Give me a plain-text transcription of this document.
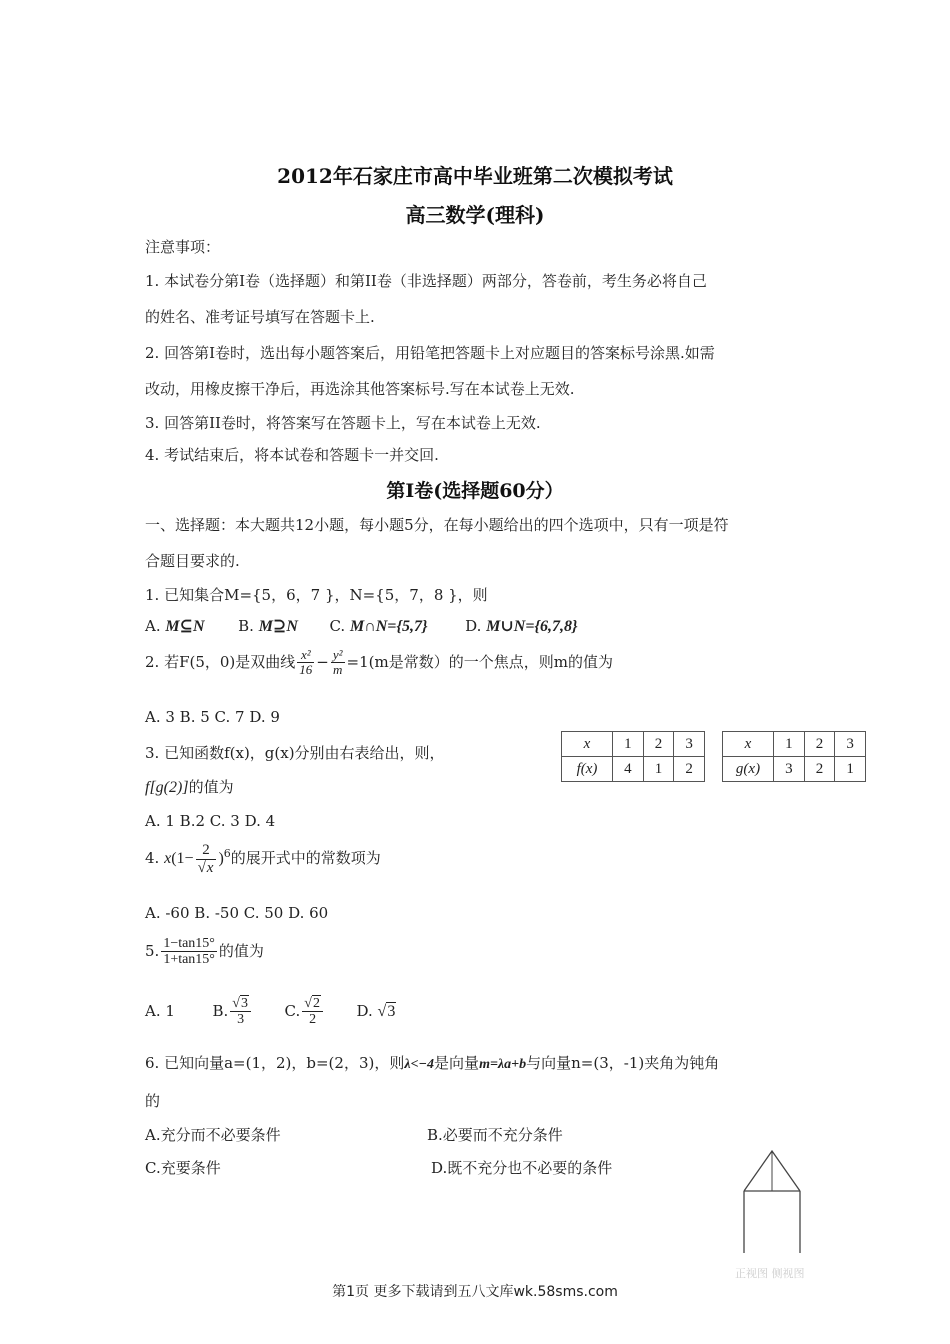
2012年石家庄市高中毕业班第二次模拟考试
高三数学(理科)
注意事项：
1. 本试卷分第Ⅰ卷（选择题）和第II卷（非选择题）两部分，答卷前，考生务必将自己
的姓名、准考证号填写在答题卡上.
2. 回答第Ⅰ卷时，选出每小题答案后，用铅笔把答题卡上对应题目的答案标号涂黑.如需
改动，用橡皮擦干净后，再选涂其他答案标号.写在本试卷上无效.
3. 回答第II卷时，将答案写在答题卡上，写在本试卷上无效.
4. 考试结束后，将本试卷和答题卡一并交回.
第Ⅰ卷(选择题60分）
一、选择题：本大题共12小题，每小题5分，在每小题给出的四个选项中，只有一项是符
合题目要求的.
1. 已知集合M={5，6，7 }，N={5，7，8 }，则
A. M⊆N B. M⊇N C. M∩N={5,7}	D. M∪N={6,7,8}
2. 若F(5，0)是双曲线 $\frac{\text{x²}}{16} - \frac{\text{y²}}{m} =1(m$是常数）的一个焦点，则m的值为
A. 3 B. 5 C. 7 D. 9
3. 已知函数f(x)，g(x)分别由右表给出，则，
f[g(2)]的值为
A. 1 B.2 C. 3 D. 4
x	1	2	3
f(x)	4	1	2
x	1	2	3
g(x)	3	2	1
4. $x(1- \frac{2}{√x} )^6$的展开式中的常数项为
A. -60 B. -50 C. 50 D. 60
5. $\frac{1-\tan 15^\circ}{1+\tan 15^\circ}$ 的值为
A. 1	B. $\frac{√3}{3} C$. $\frac{√2}{2} D$. √3
6. 已知向量a=(1，2)，b=(2，3)，则λ<−4是向量m=λa+b与向量n=(3，-1)夹角为钝角
的
A.充分而不必要条件	B.必要而不充分条件
C.充要条件	D.既不充分也不必要的条件
正视图 侧视图
第1页 更多下载请到五八文库wk.58sms.com
